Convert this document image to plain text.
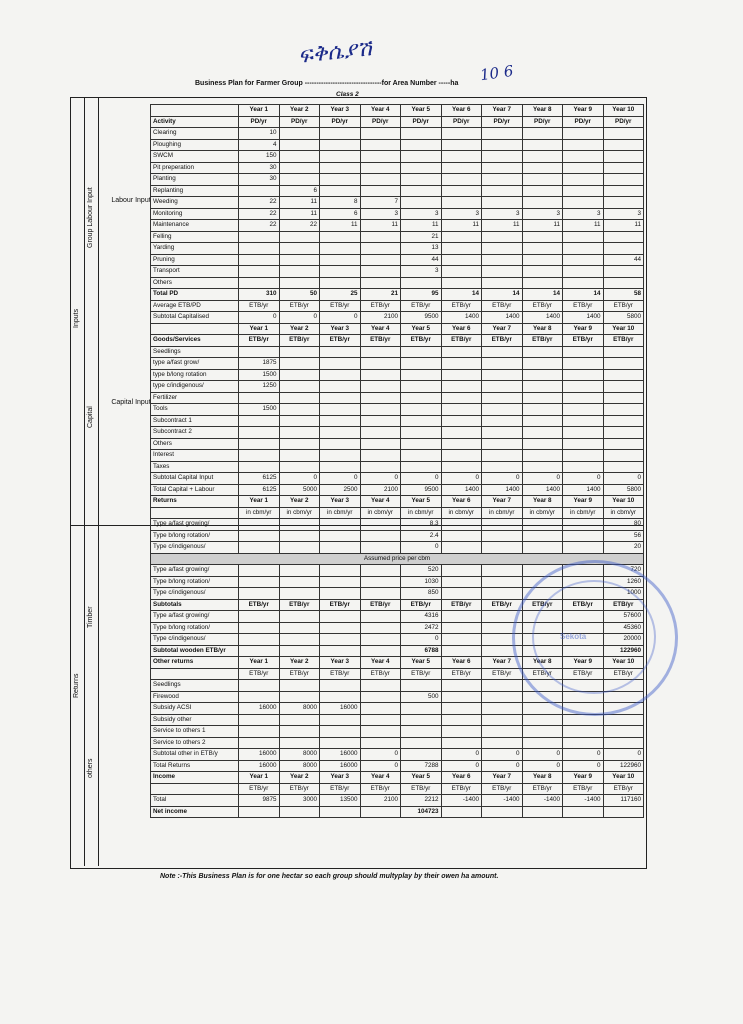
ፍቅሴያሽ
10 6
Business Plan for Farmer Group ---------------------------------for Area Number -----ha
Class 2
Inputs
Returns
Group Labour Input
Capital
Timber
others
Labour Input
Capital Input
	Year 1	Year 2	Year 3	Year 4	Year 5	Year 6	Year 7	Year 8	Year 9	Year 10
Activity	PD/yr	PD/yr	PD/yr	PD/yr	PD/yr	PD/yr	PD/yr	PD/yr	PD/yr	PD/yr
Clearing	10									
Ploughing	4									
SWCM	150									
Pit preperation	30									
Planting	30									
Replanting		6								
Weeding	22	11	8	7						
Monitoring	22	11	6	3	3	3	3	3	3	3
Maintenance	22	22	11	11	11	11	11	11	11	11
Felling					21					
Yarding					13					
Pruning					44					44
Transport					3					
Others										
Total PD	310	50	25	21	95	14	14	14	14	58
Average ETB/PD	ETB/yr	ETB/yr	ETB/yr	ETB/yr	ETB/yr	ETB/yr	ETB/yr	ETB/yr	ETB/yr	ETB/yr
Subtotal Capitalised	0	0	0	2100	9500	1400	1400	1400	1400	5800
	Year 1	Year 2	Year 3	Year 4	Year 5	Year 6	Year 7	Year 8	Year 9	Year 10
Goods/Services	ETB/yr	ETB/yr	ETB/yr	ETB/yr	ETB/yr	ETB/yr	ETB/yr	ETB/yr	ETB/yr	ETB/yr
Seedlings										
type a/fast grow/	1875									
type b/long rotation	1500									
type c/indigenous/	1250									
Fertilizer										
Tools	1500									
Subcontract 1										
Subcontract 2										
Others										
Interest										
Taxes										
Subtotal Capital Input	6125	0	0	0	0	0	0	0	0	0
Total Capital + Labour	6125	5000	2500	2100	9500	1400	1400	1400	1400	5800
Returns	Year 1	Year 2	Year 3	Year 4	Year 5	Year 6	Year 7	Year 8	Year 9	Year 10
	in cbm/yr	in cbm/yr	in cbm/yr	in cbm/yr	in cbm/yr	in cbm/yr	in cbm/yr	in cbm/yr	in cbm/yr	in cbm/yr
Type a/fast growing/					8.3					80
Type b/long rotation/					2.4					56
Type c/indigenous/					0					20
Assumed price per cbm										
Type a/fast growing/					520					720
Type b/long rotation/					1030					1260
Type c/indigenous/					850					1000
Subtotals	ETB/yr	ETB/yr	ETB/yr	ETB/yr	ETB/yr	ETB/yr	ETB/yr	ETB/yr	ETB/yr	ETB/yr
Type a/fast growing/					4316					57600
Type b/long rotation/					2472					45360
Type c/indigenous/					0					20000
Subtotal wooden ETB/yr					6788					122960
Other returns	Year 1	Year 2	Year 3	Year 4	Year 5	Year 6	Year 7	Year 8	Year 9	Year 10
	ETB/yr	ETB/yr	ETB/yr	ETB/yr	ETB/yr	ETB/yr	ETB/yr	ETB/yr	ETB/yr	ETB/yr
Seedlings										
Firewood					500					
Subsidy ACSI	16000	8000	16000							
Subsidy other										
Service to others 1										
Service to others 2										
Subtotal other in ETB/y	16000	8000	16000	0		0	0	0	0	0
Total Returns	16000	8000	16000	0	7288	0	0	0	0	122960
Income	Year 1	Year 2	Year 3	Year 4	Year 5	Year 6	Year 7	Year 8	Year 9	Year 10
	ETB/yr	ETB/yr	ETB/yr	ETB/yr	ETB/yr	ETB/yr	ETB/yr	ETB/yr	ETB/yr	ETB/yr
Total	9875	3000	13500	2100	2212	-1400	-1400	-1400	-1400	117160
Net income					104723					
Sekota
Note :-This Business Plan is for one hectar so each group should multyplay by their owen ha amount.
